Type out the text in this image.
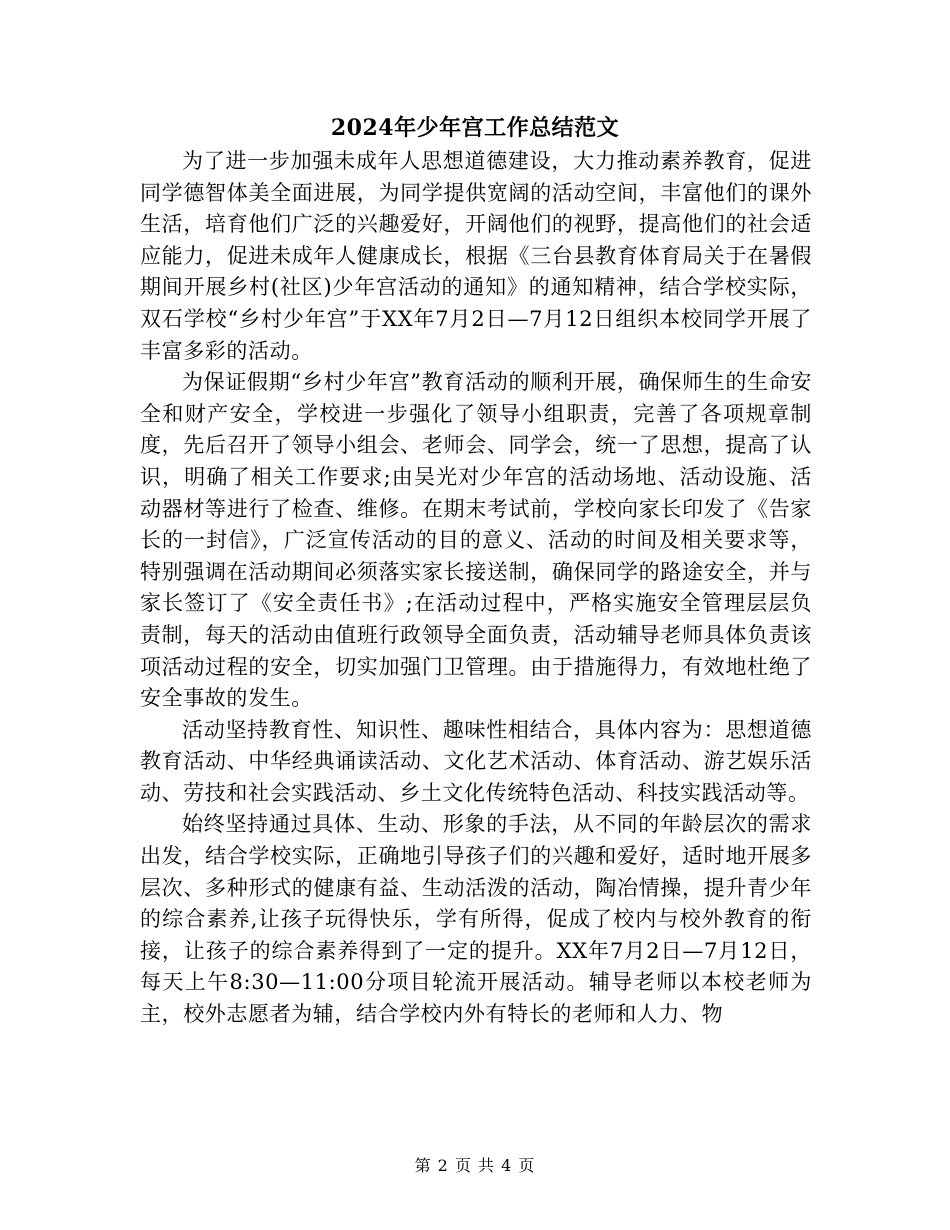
2024年少年宫工作总结范文

为了进一步加强未成年人思想道德建设，大力推动素养教育，促进同学德智体美全面进展，为同学提供宽阔的活动空间，丰富他们的课外生活，培育他们广泛的兴趣爱好，开阔他们的视野，提高他们的社会适应能力，促进未成年人健康成长，根据《三台县教育体育局关于在暑假期间开展乡村(社区)少年宫活动的通知》的通知精神，结合学校实际，双石学校“乡村少年宫”于XX年7月2日—7月12日组织本校同学开展了丰富多彩的活动。

为保证假期“乡村少年宫”教育活动的顺利开展，确保师生的生命安全和财产安全，学校进一步强化了领导小组职责，完善了各项规章制度，先后召开了领导小组会、老师会、同学会，统一了思想，提高了认识，明确了相关工作要求;由吴光对少年宫的活动场地、活动设施、活动器材等进行了检查、维修。在期末考试前，学校向家长印发了《告家长的一封信》，广泛宣传活动的目的意义、活动的时间及相关要求等，特别强调在活动期间必须落实家长接送制，确保同学的路途安全，并与家长签订了《安全责任书》;在活动过程中，严格实施安全管理层层负责制，每天的活动由值班行政领导全面负责，活动辅导老师具体负责该项活动过程的安全，切实加强门卫管理。由于措施得力，有效地杜绝了安全事故的发生。

活动坚持教育性、知识性、趣味性相结合，具体内容为：思想道德教育活动、中华经典诵读活动、文化艺术活动、体育活动、游艺娱乐活动、劳技和社会实践活动、乡土文化传统特色活动、科技实践活动等。

始终坚持通过具体、生动、形象的手法，从不同的年龄层次的需求出发，结合学校实际，正确地引导孩子们的兴趣和爱好，适时地开展多层次、多种形式的健康有益、生动活泼的活动，陶冶情操，提升青少年的综合素养,让孩子玩得快乐，学有所得，促成了校内与校外教育的衔接，让孩子的综合素养得到了一定的提升。XX年7月2日—7月12日，每天上午8:30—11:00分项目轮流开展活动。辅导老师以本校老师为主，校外志愿者为辅，结合学校内外有特长的老师和人力、物

第 2 页 共 4 页
